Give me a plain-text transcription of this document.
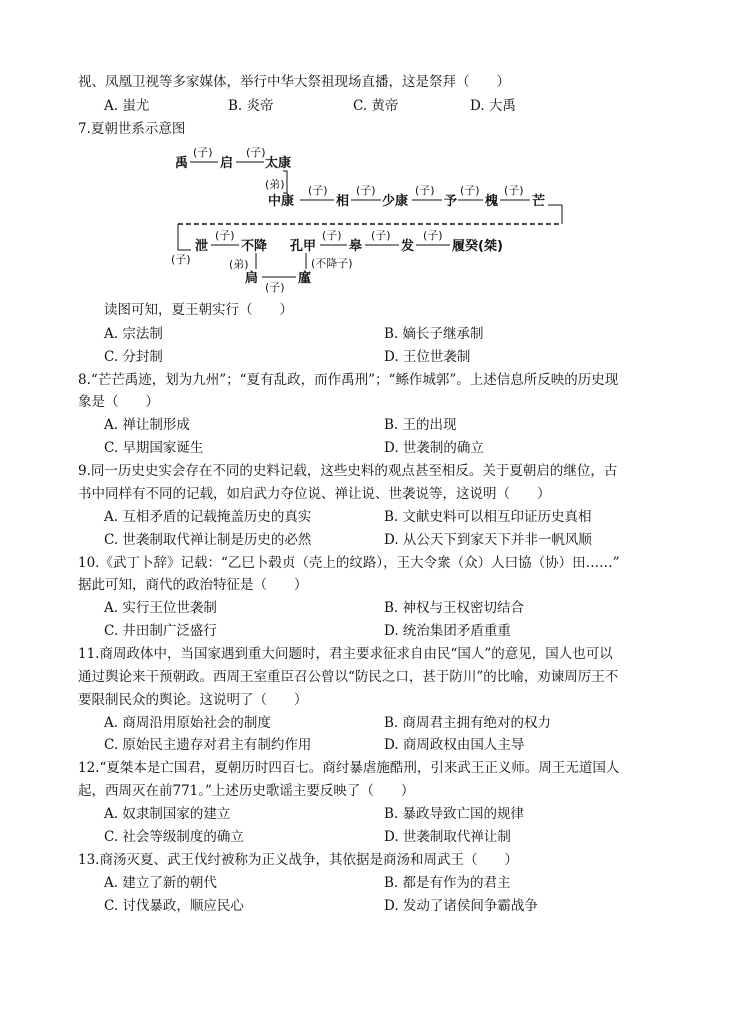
视、凤凰卫视等多家媒体，举行中华大祭祖现场直播，这是祭拜（　　）
A. 蚩尤	B. 炎帝	C. 黄帝	D. 大禹
7.夏朝世系示意图
禹 启 太康
中康	相	少康	予 槐	芒
泄	不降 孔甲	皋	发	履癸(桀)
扃	廑
(子)	(子)
(弟) (子)	(子)	(子) (子) (子)
(子)
(子)	(子)	(子)	(子)
(弟)	(不降子)
(子)
读图可知，夏王朝实行（　　）
A. 宗法制	B. 嫡长子继承制
C. 分封制	D. 王位世袭制
8.“芒芒禹迹，划为九州”；“夏有乱政，而作禹刑”；“鲧作城郭”。上述信息所反映的历史现
象是（　　）
A. 禅让制形成	B. 王的出现
C. 早期国家诞生	D. 世袭制的确立
9.同一历史史实会存在不同的史料记载，这些史料的观点甚至相反。关于夏朝启的继位，古
书中同样有不同的记载，如启武力夺位说、禅让说、世袭说等，这说明（　　）
A. 互相矛盾的记载掩盖历史的真实	B. 文献史料可以相互印证历史真相
C. 世袭制取代禅让制是历史的必然	D. 从公天下到家天下并非一帆风顺
10.《武丁卜辞》记载：“乙巳卜毂贞（壳上的纹路），王大令衆（众）人曰協（协）田……”
据此可知，商代的政治特征是（　　）
A. 实行王位世袭制	B. 神权与王权密切结合
C. 井田制广泛盛行	D. 统治集团矛盾重重
11.商周政体中，当国家遇到重大问题时，君主要求征求自由民“国人”的意见，国人也可以
通过舆论来干预朝政。西周王室重臣召公曾以“防民之口，甚于防川”的比喻，劝谏周厉王不
要限制民众的舆论。这说明了（　　）
A. 商周沿用原始社会的制度	B. 商周君主拥有绝对的权力
C. 原始民主遗存对君主有制约作用	D. 商周政权由国人主导
12.“夏桀本是亡国君，夏朝历时四百七。商纣暴虐施酷刑，引来武王正义师。周王无道国人
起，西周灭在前771。”上述历史歌谣主要反映了（　　）
A. 奴隶制国家的建立	B. 暴政导致亡国的规律
C. 社会等级制度的确立	D. 世袭制取代禅让制
13.商汤灭夏、武王伐纣被称为正义战争，其依据是商汤和周武王（　　）
A. 建立了新的朝代	B. 都是有作为的君主
C. 讨伐暴政，顺应民心	D. 发动了诸侯间争霸战争
